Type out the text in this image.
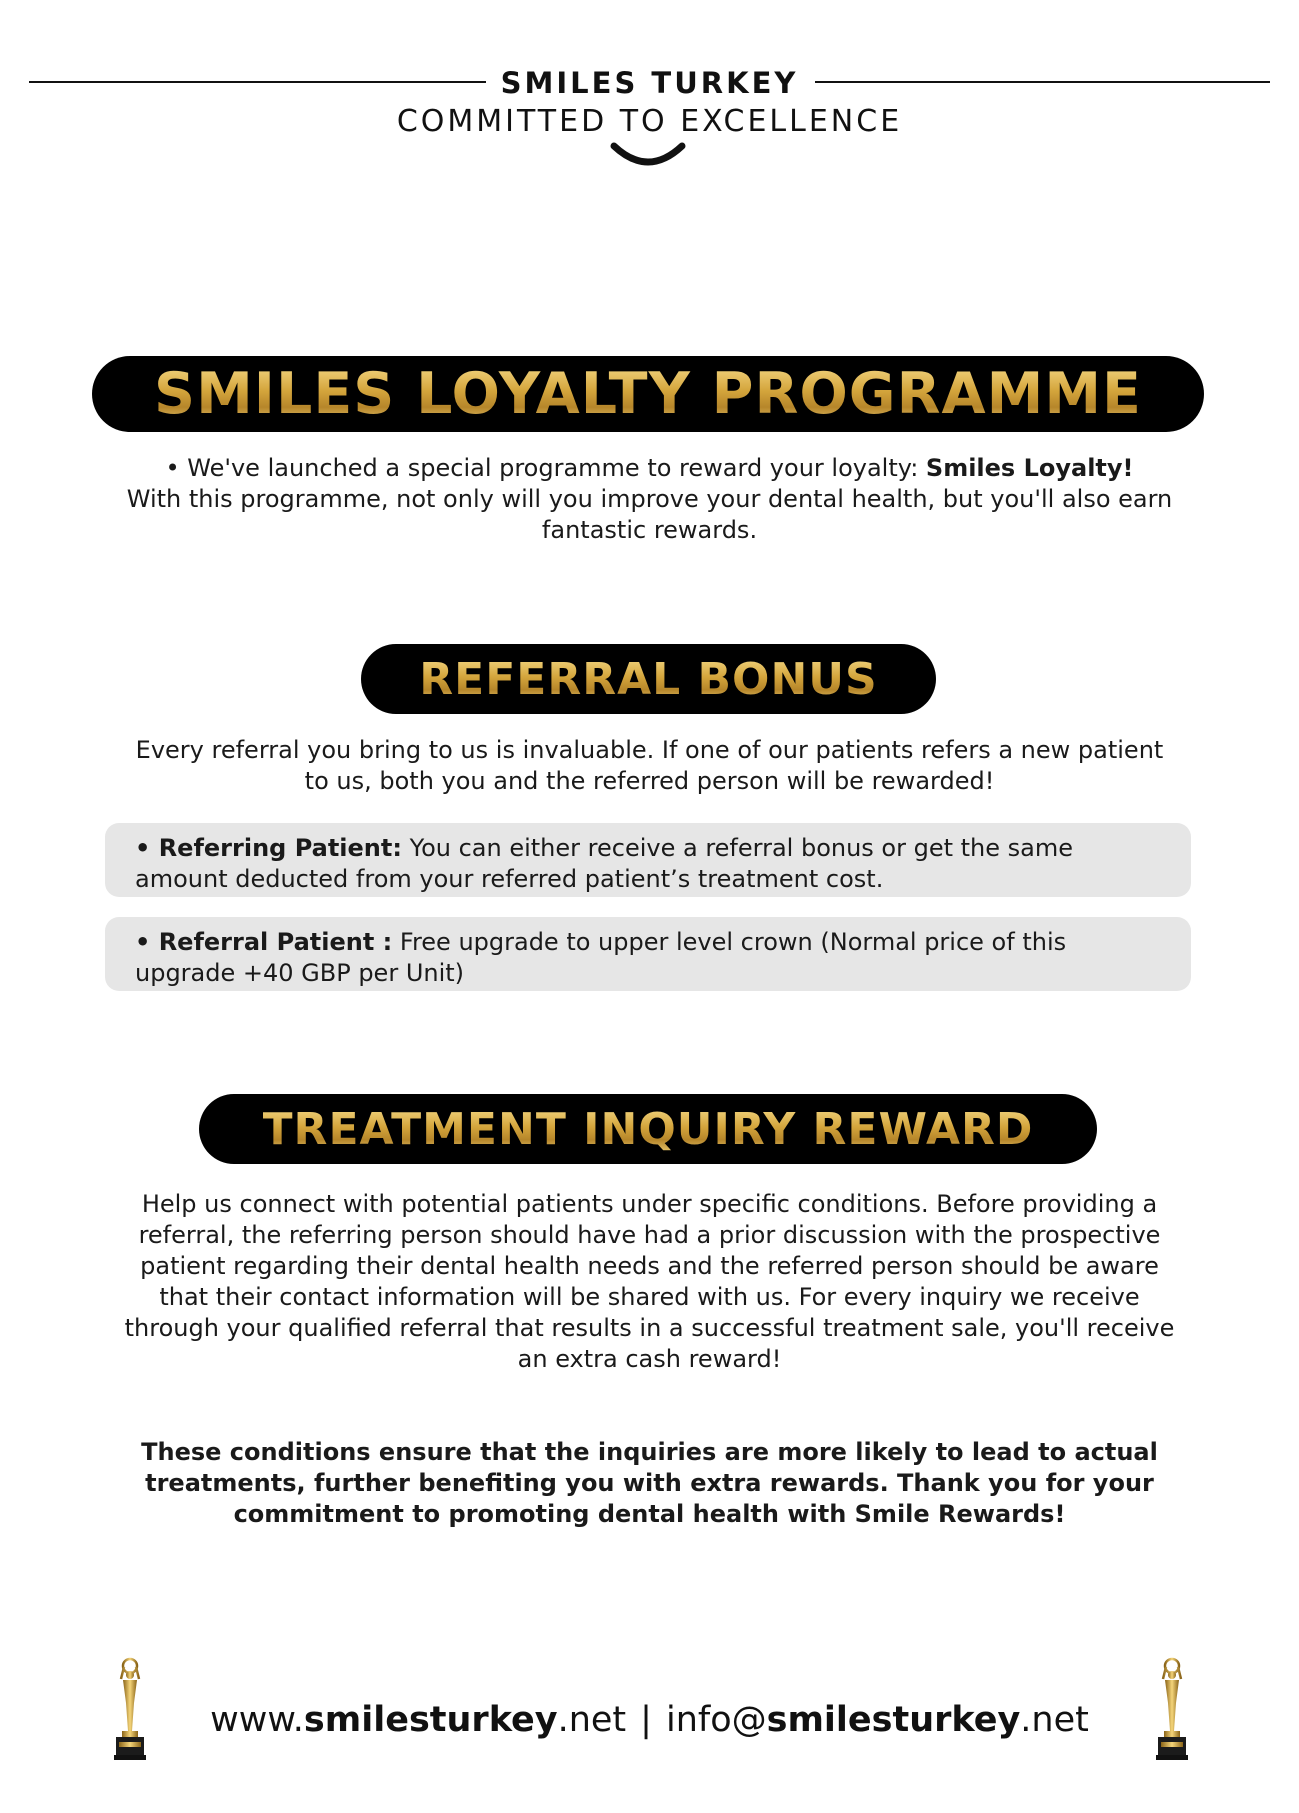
SMILES TURKEY
COMMITTED TO EXCELLENCE
SMILES LOYALTY PROGRAMME
• We've launched a special programme to reward your loyalty: Smiles Loyalty!
With this programme, not only will you improve your dental health, but you'll also earn fantastic rewards.
REFERRAL BONUS
Every referral you bring to us is invaluable. If one of our patients refers a new patient to us, both you and the referred person will be rewarded!
• Referring Patient: You can either receive a referral bonus or get the same amount deducted from your referred patient’s treatment cost.
• Referral Patient : Free upgrade to upper level crown (Normal price of this upgrade +40 GBP per Unit)
TREATMENT INQUIRY REWARD
Help us connect with potential patients under specific conditions. Before providing a referral, the referring person should have had a prior discussion with the prospective patient regarding their dental health needs and the referred person should be aware that their contact information will be shared with us. For every inquiry we receive through your qualified referral that results in a successful treatment sale, you'll receive an extra cash reward!
These conditions ensure that the inquiries are more likely to lead to actual treatments, further benefiting you with extra rewards. Thank you for your commitment to promoting dental health with Smile Rewards!
www.smilesturkey.net | info@smilesturkey.net
